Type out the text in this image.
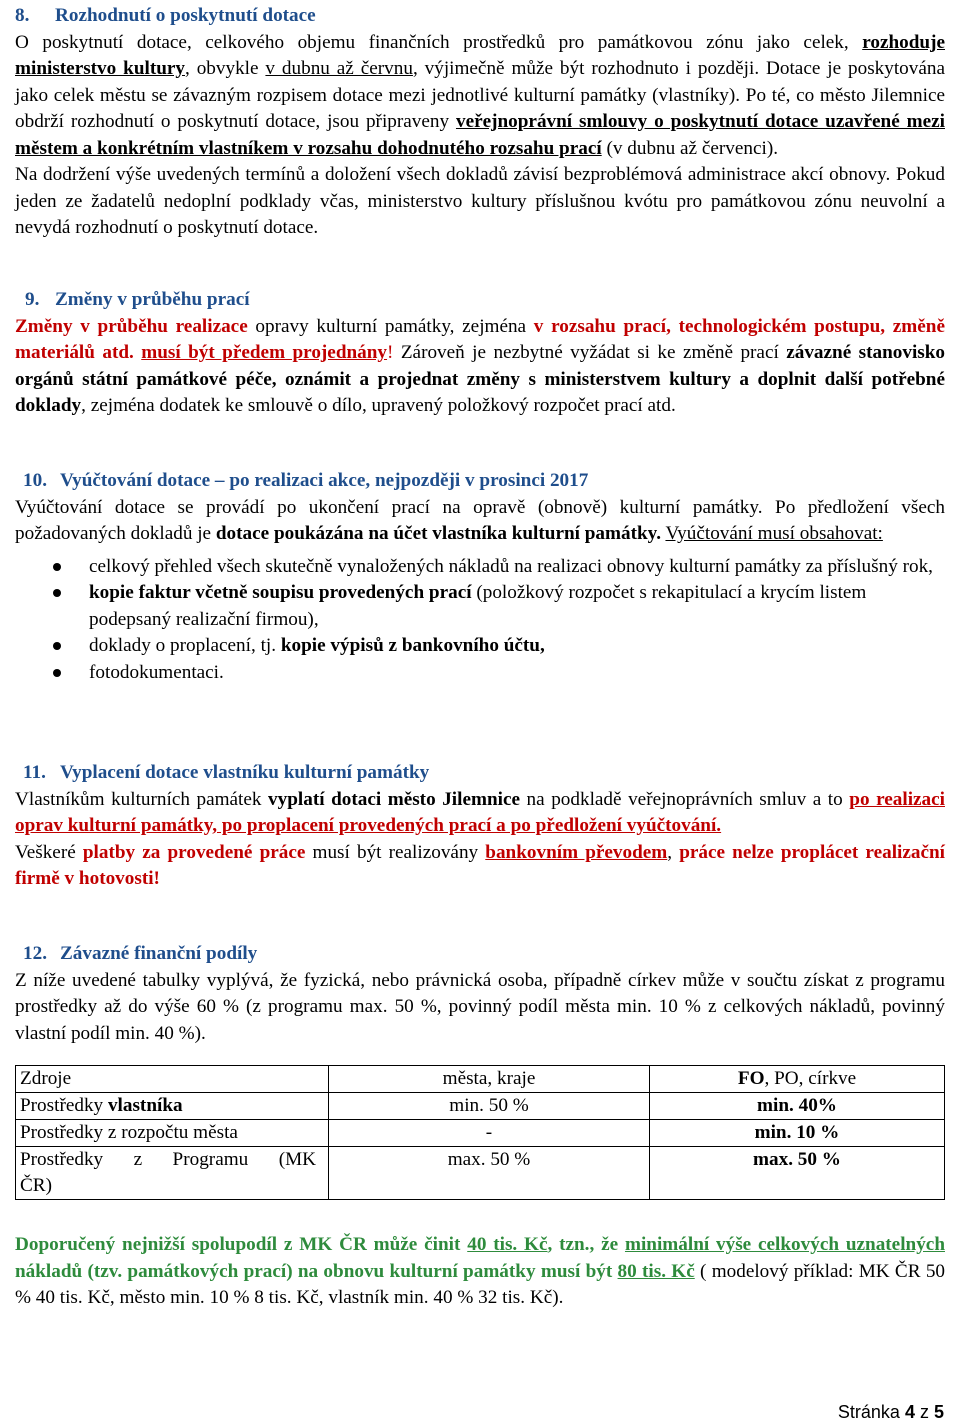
8. Rozhodnutí o poskytnutí dotace

O poskytnutí dotace, celkového objemu finančních prostředků pro památkovou zónu jako celek, rozhoduje ministerstvo kultury, obvykle v dubnu až červnu, výjimečně může být rozhodnuto i později. Dotace je poskytována jako celek městu se závazným rozpisem dotace mezi jednotlivé kulturní památky (vlastníky). Po té, co město Jilemnice obdrží rozhodnutí o poskytnutí dotace, jsou připraveny veřejnoprávní smlouvy o poskytnutí dotace uzavřené mezi městem a konkrétním vlastníkem v rozsahu dohodnutého rozsahu prací (v dubnu až červenci).

Na dodržení výše uvedených termínů a doložení všech dokladů závisí bezproblémová administrace akcí obnovy. Pokud jeden ze žadatelů nedoplní podklady včas, ministerstvo kultury příslušnou kvótu pro památkovou zónu neuvolní a nevydá rozhodnutí o poskytnutí dotace.

9. Změny v průběhu prací

Změny v průběhu realizace opravy kulturní památky, zejména v rozsahu prací, technologickém postupu, změně materiálů atd. musí být předem projednány! Zároveň je nezbytné vyžádat si ke změně prací závazné stanovisko orgánů státní památkové péče, oznámit a projednat změny s ministerstvem kultury a doplnit další potřebné doklady, zejména dodatek ke smlouvě o dílo, upravený položkový rozpočet prací atd.

10. Vyúčtování dotace – po realizaci akce, nejpozději v prosinci 2017

Vyúčtování dotace se provádí po ukončení prací na opravě (obnově) kulturní památky. Po předložení všech požadovaných dokladů je dotace poukázána na účet vlastníka kulturní památky. Vyúčtování musí obsahovat:

celkový přehled všech skutečně vynaložených nákladů na realizaci obnovy kulturní památky za příslušný rok,
kopie faktur včetně soupisu provedených prací (položkový rozpočet s rekapitulací a krycím listem podepsaný realizační firmou),
doklady o proplacení, tj. kopie výpisů z bankovního účtu,
fotodokumentaci.

11. Vyplacení dotace vlastníku kulturní památky

Vlastníkům kulturních památek vyplatí dotaci město Jilemnice na podkladě veřejnoprávních smluv a to po realizaci oprav kulturní památky, po proplacení provedených prací a po předložení vyúčtování.

Veškeré platby za provedené práce musí být realizovány bankovním převodem, práce nelze proplácet realizační firmě v hotovosti!

12. Závazné finanční podíly

Z níže uvedené tabulky vyplývá, že fyzická, nebo právnická osoba, případně církev může v součtu získat z programu prostředky až do výše 60 % (z programu max. 50 %, povinný podíl města min. 10 % z celkových nákladů, povinný vlastní podíl min. 40 %).

Zdroje	města, kraje	FO, PO, církve
Prostředky vlastníka	min. 50 %	min. 40%
Prostředky z rozpočtu města	-	min. 10 %

Prostředky z Programu (MK
ČR)	max. 50 %	max. 50 %

Doporučený nejnižší spolupodíl z MK ČR může činit 40 tis. Kč, tzn., že minimální výše celkových uznatelných nákladů (tzv. památkových prací) na obnovu kulturní památky musí být 80 tis. Kč ( modelový příklad: MK ČR 50 % 40 tis. Kč, město min. 10 % 8 tis. Kč, vlastník min. 40 % 32 tis. Kč).

Stránka 4 z 5
